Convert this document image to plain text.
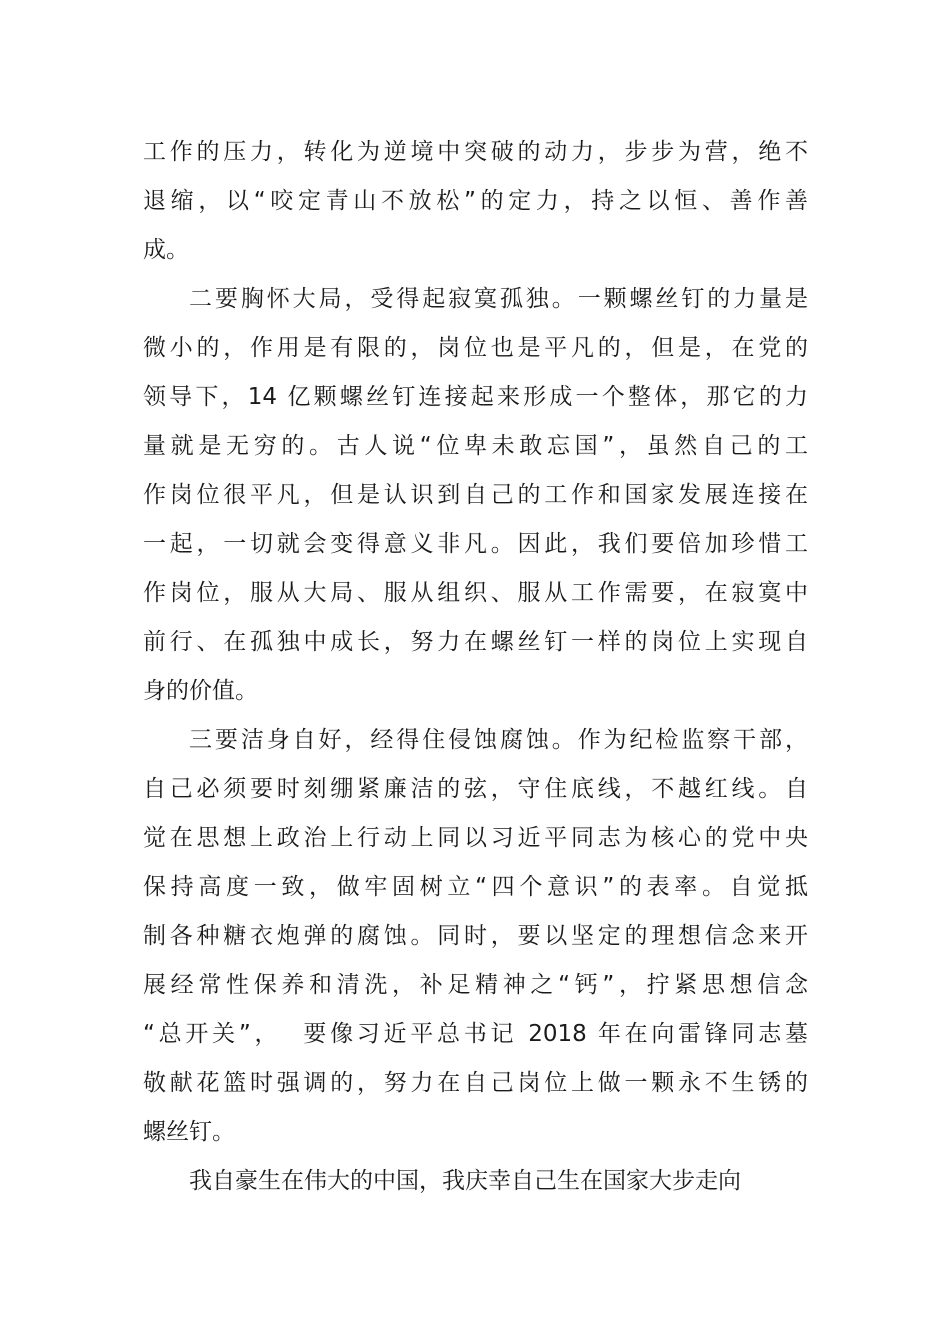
工作的压力，转化为逆境中突破的动力，步步为营，绝不
退缩，以“咬定青山不放松”的定力，持之以恒、善作善
成。
二要胸怀大局，受得起寂寞孤独。一颗螺丝钉的力量是
微小的，作用是有限的，岗位也是平凡的，但是，在党的
领导下，14 亿颗螺丝钉连接起来形成一个整体，那它的力
量就是无穷的。古人说“位卑未敢忘国”，虽然自己的工
作岗位很平凡，但是认识到自己的工作和国家发展连接在
一起，一切就会变得意义非凡。因此，我们要倍加珍惜工
作岗位，服从大局、服从组织、服从工作需要，在寂寞中
前行、在孤独中成长，努力在螺丝钉一样的岗位上实现自
身的价值。
三要洁身自好，经得住侵蚀腐蚀。作为纪检监察干部，
自己必须要时刻绷紧廉洁的弦，守住底线，不越红线。自
觉在思想上政治上行动上同以习近平同志为核心的党中央
保持高度一致，做牢固树立“四个意识”的表率。自觉抵
制各种糖衣炮弹的腐蚀。同时，要以坚定的理想信念来开
展经常性保养和清洗，补足精神之“钙”，拧紧思想信念
“总开关”，  要像习近平总书记 2018 年在向雷锋同志墓
敬献花篮时强调的，努力在自己岗位上做一颗永不生锈的
螺丝钉。
我自豪生在伟大的中国，我庆幸自己生在国家大步走向
